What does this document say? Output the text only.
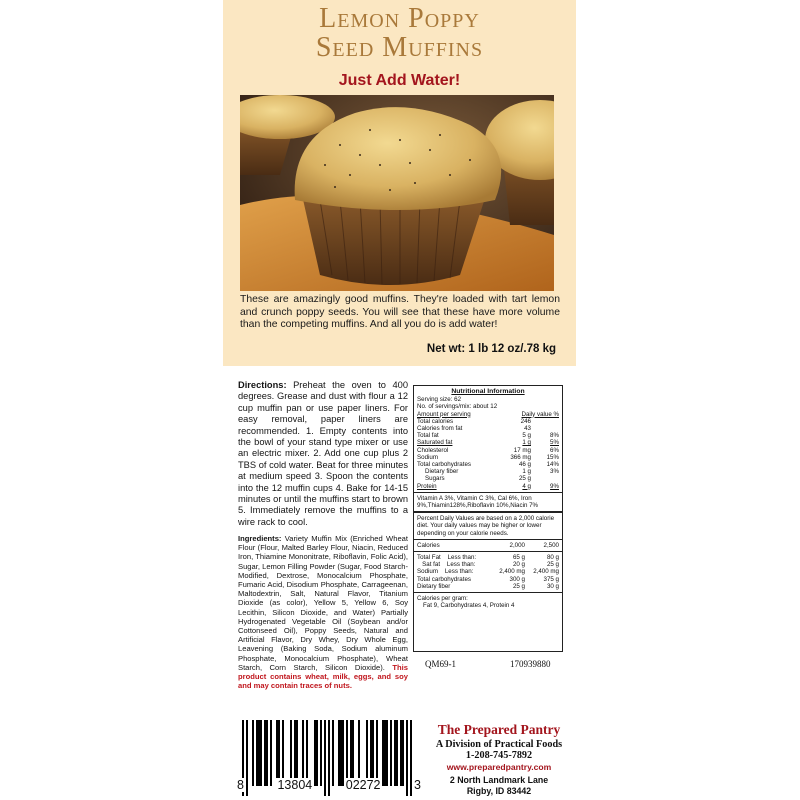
Lemon Poppy
Seed Muffins
Just Add Water!
These are amazingly good muffins. They're loaded with tart lemon and crunch poppy seeds. You will see that these have more volume than the competing muffins. And all you do is add water!
Net wt: 1 lb 12 oz/.78 kg
Directions: Preheat the oven to 400 degrees. Grease and dust with flour a 12 cup muffin pan or use paper liners. For easy removal, paper liners are recommended. 1. Empty contents into the bowl of your stand type mixer or use an electric mixer. 2. Add one cup plus 2 TBS of cold water. Beat for three minutes at medium speed 3. Spoon the contents into the 12 muffin cups 4. Bake for 14-15 minutes or until the muffins start to brown 5. Immediately remove the muffins to a wire rack to cool.
Ingredients: Variety Muffin Mix (Enriched Wheat Flour (Flour, Malted Barley Flour, Niacin, Reduced Iron, Thiamine Mononitrate, Riboflavin, Folic Acid), Sugar, Lemon Filling Powder (Sugar, Food Starch-Modified, Dextrose, Monocalcium Phosphate, Fumaric Acid, Disodium Phosphate, Carrageenan, Maltodextrin, Salt, Natural Flavor, Titanium Dioxide (as color), Yellow 5, Yellow 6, Soy Lecithin, Silicon Dioxide, and Water) Partially Hydrogenated Vegetable Oil (Soybean and/or Cottonseed Oil), Poppy Seeds, Natural and Artificial Flavor, Dry Whey, Dry Whole Egg, Leavening (Baking Soda, Sodium aluminum Phosphate, Monocalcium Phosphate), Wheat Starch, Corn Starch, Silicon Dioxide). This product contains wheat, milk, eggs, and soy and may contain traces of nuts.
Nutritional Information
Serving size: 62
No. of servings/mix: about 12
Amount per serving	Daily value %
Total calories	246
Calories from fat	43
Total fat	5 g	8%
Saturated fat	1 g	5%
Cholesterol	17 mg	6%
Sodium	366 mg	15%
Total carbohydrates	46 g	14%
Dietary fiber	1 g	3%
Sugars	25 g
Protein	4 g	9%
Vitamin A 3%, Vitamin C 3%, Cal 6%, Iron 9%,Thiamin128%,Riboflavin 10%,Niacin 7%
Percent Daily Values are based on a 2,000 calorie diet. Your daily values may be higher or lower depending on your calorie needs.
Calories	2,000	2,500
Total Fat    Less than:	65 g	80 g
Sat fat    Less than:	20 g	25 g
Sodium    Less than:	2,400 mg	2,400 mg
Total carbohydrates	300 g	375 g
Dietary fiber	25 g	30 g
Calories per gram:
Fat 9, Carbohydrates 4, Protein 4
QM69-1	170939880
8	13804	02272	3
The Prepared Pantry
A Division of Practical Foods
1-208-745-7892
www.preparedpantry.com
2 North Landmark Lane
Rigby, ID 83442
